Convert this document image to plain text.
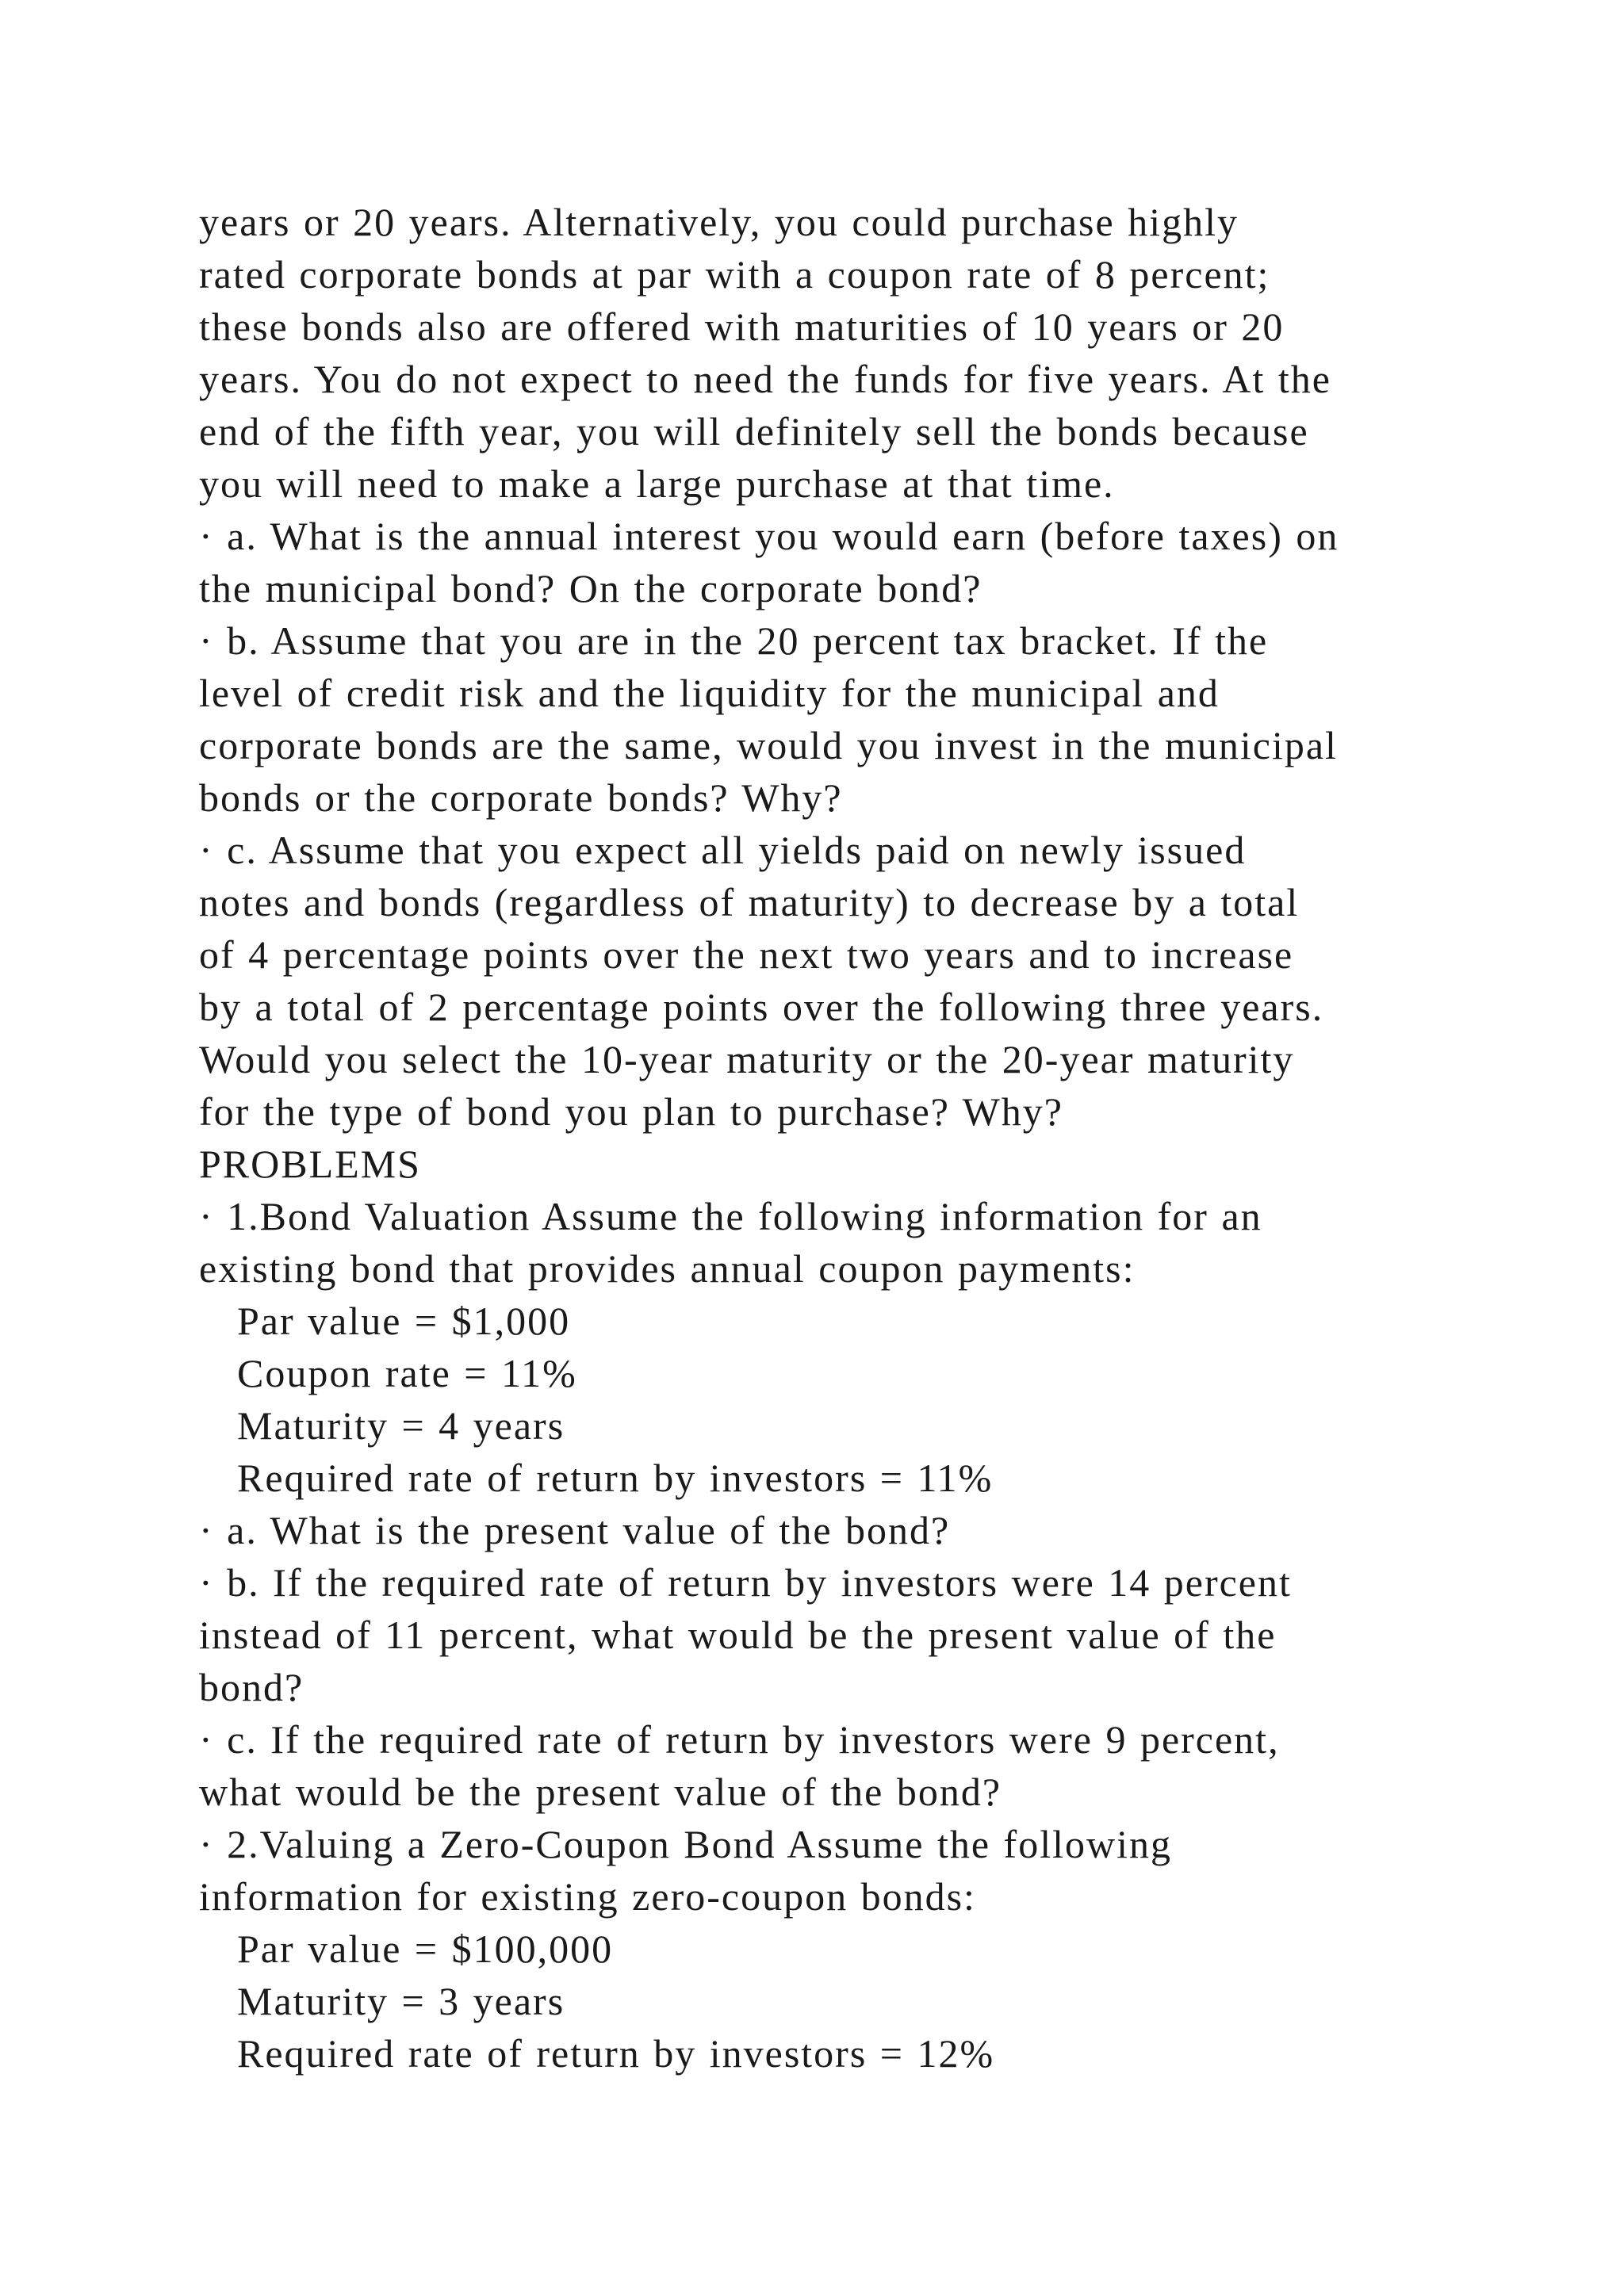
years or 20 years. Alternatively, you could purchase highly
rated corporate bonds at par with a coupon rate of 8 percent;
these bonds also are offered with maturities of 10 years or 20
years. You do not expect to need the funds for five years. At the
end of the fifth year, you will definitely sell the bonds because
you will need to make a large purchase at that time.
· a. What is the annual interest you would earn (before taxes) on
the municipal bond? On the corporate bond?
· b. Assume that you are in the 20 percent tax bracket. If the
level of credit risk and the liquidity for the municipal and
corporate bonds are the same, would you invest in the municipal
bonds or the corporate bonds? Why?
· c. Assume that you expect all yields paid on newly issued
notes and bonds (regardless of maturity) to decrease by a total
of 4 percentage points over the next two years and to increase
by a total of 2 percentage points over the following three years.
Would you select the 10-year maturity or the 20-year maturity
for the type of bond you plan to purchase? Why?
PROBLEMS
· 1.Bond Valuation Assume the following information for an
existing bond that provides annual coupon payments:
Par value = $1,000
Coupon rate = 11%
Maturity = 4 years
Required rate of return by investors = 11%
· a. What is the present value of the bond?
· b. If the required rate of return by investors were 14 percent
instead of 11 percent, what would be the present value of the
bond?
· c. If the required rate of return by investors were 9 percent,
what would be the present value of the bond?
· 2.Valuing a Zero-Coupon Bond Assume the following
information for existing zero-coupon bonds:
Par value = $100,000
Maturity = 3 years
Required rate of return by investors = 12%
